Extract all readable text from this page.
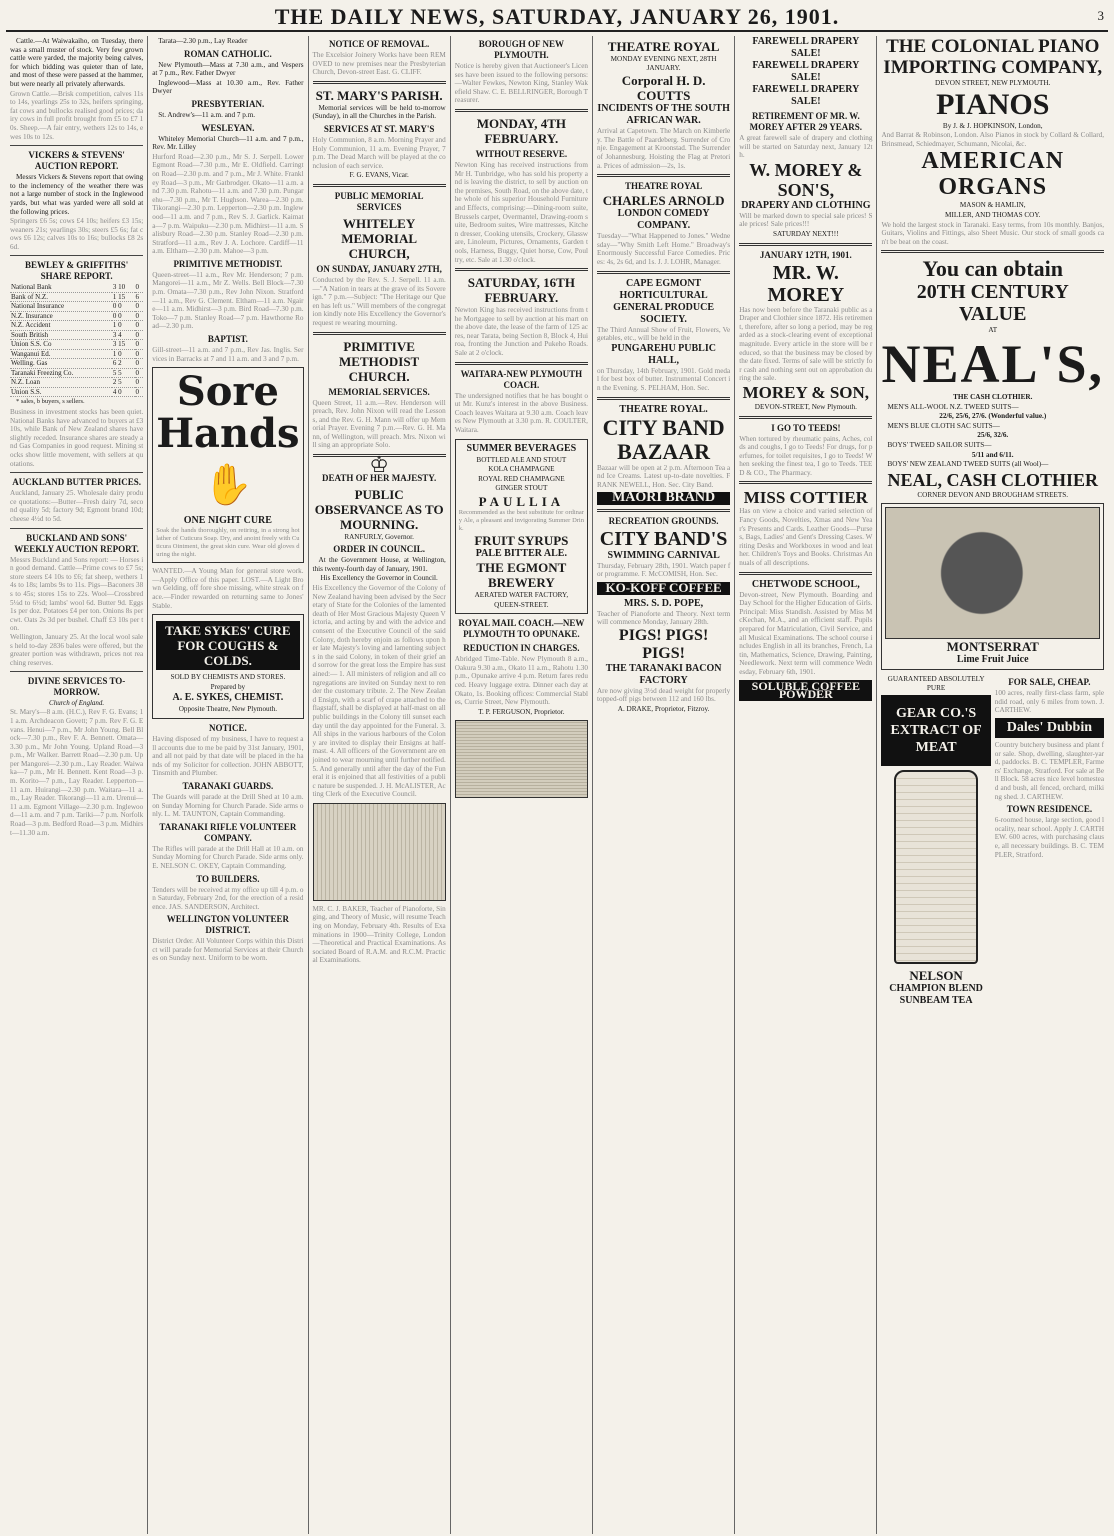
THE DAILY NEWS, SATURDAY, JANUARY 26, 1901.	3
Cattle.—At Waiwakaiho, on Tuesday, there was a small muster of stock. Very few grown cattle were yarded, the majority being calves, for which bidding was quieter than of late, and most of these were passed at the hammer, but were nearly all privately afterwards.
Grown Cattle.—Brisk competition, calves 11s to 14s, yearlings 25s to 32s, heifers springing, fat cows and bullocks realised good prices; dairy cows in full profit brought from £5 to £7 10s. Sheep.—A fair entry, wethers 12s to 14s, ewes 10s to 12s.
VICKERS & STEVENS' AUCTION REPORT.
Messrs Vickers & Stevens report that owing to the inclemency of the weather there was not a large number of stock in the Inglewood yards, but what was yarded were all sold at the following prices.
Springers £6 5s; cows £4 10s; heifers £3 15s; weaners 21s; yearlings 30s; steers £5 6s; fat cows £6 12s; calves 10s to 16s; bullocks £8 2s 6d.
BEWLEY & GRIFFITHS' SHARE REPORT.
National Bank	3 10	0
Bank of N.Z.	1 15	6
National Insurance	0 0	0
N.Z. Insurance	0 0	0
N.Z. Accident	1 0	0
South British	3 4	0
Union S.S. Co	3 15	0
Wanganui Ed.	1 0	0
Welling. Gas	6 2	0
Taranaki Freezing Co.	5 5	0
N.Z. Loan	2 5	0
Union S.S.	4 0	0
* sales, b buyers, s sellers.
Business in investment stocks has been quiet. National Banks have advanced to buyers at £3 10s, while Bank of New Zealand shares have slightly receded. Insurance shares are steady and Gas Companies in good request. Mining stocks show little movement, with sellers at quotations.
AUCKLAND BUTTER PRICES.
Auckland, January 25. Wholesale dairy produce quotations:—Butter—Fresh dairy 7d, second quality 5d; factory 9d; Egmont brand 10d; cheese 4½d to 5d.
BUCKLAND AND SONS' WEEKLY AUCTION REPORT.
Messrs Buckland and Sons report: — Horses in good demand. Cattle—Prime cows to £7 5s; store steers £4 10s to £6; fat sheep, wethers 14s to 18s; lambs 9s to 11s. Pigs—Baconers 38s to 45s; stores 15s to 22s. Wool—Crossbred 5¼d to 6½d; lambs' wool 6d. Butter 9d. Eggs 1s per doz. Potatoes £4 per ton. Onions 8s per cwt. Oats 2s 3d per bushel. Chaff £3 10s per ton.
Wellington, January 25. At the local wool sales held to-day 2836 bales were offered, but the greater portion was withdrawn, prices not reaching reserves.
DIVINE SERVICES TO-MORROW.
Church of England.
St. Mary's—8 a.m. (H.C.), Rev F. G. Evans; 11 a.m. Archdeacon Govett; 7 p.m. Rev F. G. Evans. Henui—7 p.m., Mr John Young. Bell Block—7.30 p.m., Rev F. A. Bennett. Omata—3.30 p.m., Mr John Young. Upland Road—3 p.m., Mr Walker. Barrett Road—2.30 p.m. Upper Mangorei—2.30 p.m., Lay Reader. Waiwaka—7 p.m., Mr H. Bennett. Kent Road—3 p.m. Korito—7 p.m., Lay Reader. Lepperton—11 a.m. Huirangi—2.30 p.m. Waitara—11 a.m., Lay Reader. Tikorangi—11 a.m. Urenui—11 a.m. Egmont Village—2.30 p.m. Inglewood—11 a.m. and 7 p.m. Tariki—7 p.m. Norfolk Road—3 p.m. Bedford Road—3 p.m. Midhirst—11.30 a.m.
Tarata—2.30 p.m., Lay Reader
ROMAN CATHOLIC.
New Plymouth—Mass at 7.30 a.m., and Vespers at 7 p.m., Rev. Father Dwyer
Inglewood—Mass at 10.30 a.m., Rev. Father Dwyer
PRESBYTERIAN.
St. Andrew's—11 a.m. and 7 p.m.
WESLEYAN.
Whiteley Memorial Church—11 a.m. and 7 p.m., Rev. Mr. Lilley
Hurford Road—2.30 p.m., Mr S. J. Serpell. Lower Egmont Road—7.30 p.m., Mr E. Oldfield. Carrington Road—2.30 p.m. and 7 p.m., Mr J. White. Frankley Road—3 p.m., Mr Gatbrodger. Okato—11 a.m. and 7.30 p.m. Rahotu—11 a.m. and 7.30 p.m. Pungarehu—7.30 p.m., Mr T. Hughson. Warea—2.30 p.m. Tikorangi—2.30 p.m. Lepperton—2.30 p.m. Inglewood—11 a.m. and 7 p.m., Rev S. J. Garlick. Kaimata—7 p.m. Waipuku—2.30 p.m. Midhirst—11 a.m. Salisbury Road—2.30 p.m. Stanley Road—2.30 p.m. Stratford—11 a.m., Rev J. A. Lochore. Cardiff—11 a.m. Eltham—2.30 p.m. Mahoe—3 p.m.
PRIMITIVE METHODIST.
Queen-street—11 a.m., Rev Mr. Henderson; 7 p.m. Mangorei—11 a.m., Mr Z. Wells. Bell Block—7.30 p.m. Omata—7.30 p.m., Rev John Nixon. Stratford—11 a.m., Rev G. Clement. Eltham—11 a.m. Ngaire—11 a.m. Midhirst—3 p.m. Bird Road—7.30 p.m. Toko—7 p.m. Stanley Road—7 p.m. Hawthorne Road—2.30 p.m.
BAPTIST.
Gill-street—11 a.m. and 7 p.m., Rev Jas. Inglis. Services in Barracks at 7 and 11 a.m. and 3 and 7 p.m.
Sore Hands
✋
ONE NIGHT CURE
Soak the hands thoroughly, on retiring, in a strong hot lather of Cuticura Soap. Dry, and anoint freely with Cuticura Ointment, the great skin cure. Wear old gloves during the night.
WANTED.—A Young Man for general store work.—Apply Office of this paper. LOST.—A Light Brown Gelding, off fore shoe missing, white streak on face.—Finder rewarded on returning same to Jones' Stable.
TAKE SYKES' CURE FOR COUGHS & COLDS.
SOLD BY CHEMISTS AND STORES.
Prepared by
A. E. SYKES, CHEMIST.
Opposite Theatre, New Plymouth.
NOTICE.
Having disposed of my business, I have to request all accounts due to me be paid by 31st January, 1901, and all not paid by that date will be placed in the hands of my Solicitor for collection. JOHN ABBOTT, Tinsmith and Plumber.
TARANAKI GUARDS.
The Guards will parade at the Drill Shed at 10 a.m. on Sunday Morning for Church Parade. Side arms only. L. M. TAUNTON, Captain Commanding.
TARANAKI RIFLE VOLUNTEER COMPANY.
The Rifles will parade at the Drill Hall at 10 a.m. on Sunday Morning for Church Parade. Side arms only. E. NELSON C. OKEY, Captain Commanding.
TO BUILDERS.
Tenders will be received at my office up till 4 p.m. on Saturday, February 2nd, for the erection of a residence. JAS. SANDERSON, Architect.
WELLINGTON VOLUNTEER DISTRICT.
District Order. All Volunteer Corps within this District will parade for Memorial Services at their Churches on Sunday next. Uniform to be worn.
NOTICE OF REMOVAL.
The Excelsior Joinery Works have been REMOVED to new premises near the Presbyterian Church, Devon-street East. G. CLIFF.
ST. MARY'S PARISH.
Memorial services will be held to-morrow (Sunday), in all the Churches in the Parish.
SERVICES AT ST. MARY'S
Holy Communion, 8 a.m. Morning Prayer and Holy Communion, 11 a.m. Evening Prayer, 7 p.m. The Dead March will be played at the conclusion of each service.
F. G. EVANS, Vicar.
PUBLIC MEMORIAL SERVICES
WHITELEY MEMORIAL CHURCH,
ON SUNDAY, JANUARY 27TH,
Conducted by the Rev. S. J. Serpell. 11 a.m.—"A Nation in tears at the grave of its Sovereign." 7 p.m.—Subject: "The Heritage our Queen has left us." Will members of the congregation kindly note His Excellency the Governor's request re wearing mourning.
PRIMITIVE METHODIST CHURCH.
MEMORIAL SERVICES.
Queen Street, 11 a.m.—Rev. Henderson will preach, Rev. John Nixon will read the Lessons, and the Rev. G. H. Mann will offer up Memorial Prayer. Evening 7 p.m.—Rev. G. H. Mann, of Wellington, will preach. Mrs. Nixon will sing an appropriate Solo.
♔
DEATH OF HER MAJESTY.
PUBLIC OBSERVANCE AS TO MOURNING.
RANFURLY, Governor.
ORDER IN COUNCIL.
At the Government House, at Wellington, this twenty-fourth day of January, 1901.
His Excellency the Governor in Council.
His Excellency the Governor of the Colony of New Zealand having been advised by the Secretary of State for the Colonies of the lamented death of Her Most Gracious Majesty Queen Victoria, and acting by and with the advice and consent of the Executive Council of the said Colony, doth hereby enjoin as follows upon her late Majesty's loving and lamenting subjects in the said Colony, in token of their grief and sorrow for the great loss the Empire has sustained:— 1. All ministers of religion and all congregations are invited on Sunday next to render the customary tribute. 2. The New Zealand Ensign, with a scarf of crape attached to the flagstaff, shall be displayed at half-mast on all public buildings in the Colony till sunset each day until the day appointed for the Funeral. 3. All ships in the various harbours of the Colony are invited to display their Ensigns at half-mast. 4. All officers of the Government are enjoined to wear mourning until further notified. 5. And generally until after the day of the Funeral it is enjoined that all festivities of a public nature be suspended. J. H. McALISTER, Acting Clerk of the Executive Council.
MR. C. J. BAKER, Teacher of Pianoforte, Singing, and Theory of Music, will resume Teaching on Monday, February 4th. Results of Examinations in 1900—Trinity College, London—Theoretical and Practical Examinations. Associated Board of R.A.M. and R.C.M. Practical Examinations.
BOROUGH OF NEW PLYMOUTH.
Notice is hereby given that Auctioneer's Licenses have been issued to the following persons:—Walter Fewkes, Newton King, Stanley Wakefield Shaw. C. E. BELLRINGER, Borough Treasurer.
MONDAY, 4TH FEBRUARY.
WITHOUT RESERVE.
Newton King has received instructions from Mr H. Tunbridge, who has sold his property and is leaving the district, to sell by auction on the premises, South Road, on the above date, the whole of his superior Household Furniture and Effects, comprising:—Dining-room suite, Brussels carpet, Overmantel, Drawing-room suite, Bedroom suites, Wire mattresses, Kitchen dresser, Cooking utensils, Crockery, Glassware, Linoleum, Pictures, Ornaments, Garden tools, Harness, Buggy, Quiet horse, Cow, Poultry, etc. Sale at 1.30 o'clock.
SATURDAY, 16TH FEBRUARY.
Newton King has received instructions from the Mortgagee to sell by auction at his mart on the above date, the lease of the farm of 125 acres, near Tarata, being Section 8, Block 4, Huiroa, fronting the Junction and Pukeho Roads. Sale at 2 o'clock.
WAITARA-NEW PLYMOUTH COACH.
The undersigned notifies that he has bought out Mr. Kunz's interest in the above Business. Coach leaves Waitara at 9.30 a.m. Coach leaves New Plymouth at 3.30 p.m. R. COULTER, Waitara.
SUMMER BEVERAGES
BOTTLED ALE AND STOUT
KOLA CHAMPAGNE
ROYAL RED CHAMPAGNE
GINGER STOUT
PAULLIA
Recommended as the best substitute for ordinary Ale, a pleasant and invigorating Summer Drink.
FRUIT SYRUPS
PALE BITTER ALE.
THE EGMONT BREWERY
AERATED WATER FACTORY,
QUEEN-STREET.
ROYAL MAIL COACH.—NEW PLYMOUTH TO OPUNAKE.
REDUCTION IN CHARGES.
Abridged Time-Table. New Plymouth 8 a.m., Oakura 9.30 a.m., Okato 11 a.m., Rahotu 1.30 p.m., Opunake arrive 4 p.m. Return fares reduced. Heavy luggage extra. Dinner each day at Okato, 1s. Booking offices: Commercial Stables, Currie Street, New Plymouth.
T. P. FERGUSON, Proprietor.
THEATRE ROYAL
MONDAY EVENING NEXT, 28TH JANUARY.
Corporal H. D. COUTTS
INCIDENTS OF THE SOUTH AFRICAN WAR.
Arrival at Capetown. The March on Kimberley. The Battle of Paardeberg. Surrender of Cronje. Engagement at Kroonstad. The Surrender of Johannesburg. Hoisting the Flag at Pretoria. Prices of admission—2s, 1s.
THEATRE ROYAL
CHARLES ARNOLD
LONDON COMEDY COMPANY.
Tuesday—"What Happened to Jones." Wednesday—"Why Smith Left Home." Broadway's Enormously Successful Farce Comedies. Prices: 4s, 2s 6d, and 1s. J. J. LOHR, Manager.
CAPE EGMONT HORTICULTURAL
GENERAL PRODUCE SOCIETY.
The Third Annual Show of Fruit, Flowers, Vegetables, etc., will be held in the
PUNGAREHU PUBLIC HALL,
on Thursday, 14th February, 1901. Gold medal for best box of butter. Instrumental Concert in the Evening. S. PELHAM, Hon. Sec.
THEATRE ROYAL.
CITY BAND
BAZAAR
Bazaar will be open at 2 p.m. Afternoon Tea and Ice Creams. Latest up-to-date novelties. FRANK NEWELL, Hon. Sec. City Band.
MAORI BRAND
RECREATION GROUNDS.
CITY BAND'S
SWIMMING CARNIVAL
Thursday, February 28th, 1901. Watch paper for programme. F. McCOMISH, Hon. Sec.
KO-KOFF COFFEE
MRS. S. D. POPE,
Teacher of Pianoforte and Theory. Next term will commence Monday, January 28th.
PIGS! PIGS! PIGS!
THE TARANAKI BACON FACTORY
Are now giving 3½d dead weight for properly topped-off pigs between 112 and 160 lbs.
A. DRAKE, Proprietor, Fitzroy.
FAREWELL DRAPERY SALE!
FAREWELL DRAPERY SALE!
FAREWELL DRAPERY SALE!
RETIREMENT OF MR. W. MOREY AFTER 29 YEARS.
A great farewell sale of drapery and clothing will be started on Saturday next, January 12th.
W. MOREY & SON'S,
DRAPERY AND CLOTHING
Will be marked down to special sale prices! Sale prices! Sale prices!!!
SATURDAY NEXT!!!
JANUARY 12TH, 1901.
MR. W. MOREY
Has now been before the Taranaki public as a Draper and Clothier since 1872. His retirement, therefore, after so long a period, may be regarded as a stock-clearing event of exceptional magnitude. Every article in the store will be reduced, so that the business may be closed by the date fixed. Terms of sale will be strictly for cash and nothing sent out on approbation during the sale.
MOREY & SON,
DEVON-STREET, New Plymouth.
I GO TO TEEDS!
When tortured by rheumatic pains, Aches, colds and coughs, I go to Teeds! For drugs, for perfumes, for toilet requisites, I go to Teeds! When seeking the finest tea, I go to Teeds. TEED & CO., The Pharmacy.
MISS COTTIER
Has on view a choice and varied selection of Fancy Goods, Novelties, Xmas and New Year's Presents and Cards. Leather Goods—Purses, Bags, Ladies' and Gent's Dressing Cases. Writing Desks and Workboxes in wood and leather. Children's Toys and Books. Christmas Annuals of all descriptions.
CHETWODE SCHOOL,
Devon-street, New Plymouth. Boarding and Day School for the Higher Education of Girls. Principal: Miss Standish. Assisted by Miss McKechan, M.A., and an efficient staff. Pupils prepared for Matriculation, Civil Service, and all Musical Examinations. The school course includes English in all its branches, French, Latin, Mathematics, Science, Drawing, Painting, Needlework. Next term will commence Wednesday, February 6th, 1901.
SOLUBLE COFFEE POWDER
THE COLONIAL PIANO IMPORTING COMPANY,
DEVON STREET, NEW PLYMOUTH.
PIANOS
By J. & J. HOPKINSON, London,
And Barrat & Robinson, London. Also Pianos in stock by Collard & Collard, Brinsmead, Schiedmayer, Schumann, Nicolai, &c.
AMERICAN ORGANS
MASON & HAMLIN,
MILLER, AND THOMAS COY.
We hold the largest stock in Taranaki. Easy terms, from 10s monthly. Banjos, Guitars, Violins and Fittings, also Sheet Music. Our stock of small goods can't be beat on the coast.
You can obtain
20TH CENTURY VALUE
AT
NEAL'S,
THE CASH CLOTHIER.
MEN'S ALL-WOOL N.Z. TWEED SUITS—
22/6, 25/6, 27/6. (Wonderful value.)
MEN'S BLUE CLOTH SAC SUITS—
25/6, 32/6.
BOYS' TWEED SAILOR SUITS—
5/11 and 6/11.
BOYS' NEW ZEALAND TWEED SUITS (all Wool)—
NEAL, CASH CLOTHIER
CORNER DEVON AND BROUGHAM STREETS.
MONTSERRAT
Lime Fruit Juice
GUARANTEED ABSOLUTELY PURE
GEAR CO.'S EXTRACT OF MEAT
NELSON
CHAMPION BLEND
SUNBEAM TEA
FOR SALE, CHEAP.
100 acres, really first-class farm, splendid road, only 6 miles from town. J. CARTHEW.
Dales' Dubbin
Country butchery business and plant for sale. Shop, dwelling, slaughter-yard, paddocks. B. C. TEMPLER, Farmers' Exchange, Stratford. For sale at Bell Block. 58 acres nice level homestead and bush, all fenced, orchard, milking shed. J. CARTHEW.
TOWN RESIDENCE.
6-roomed house, large section, good locality, near school. Apply J. CARTHEW. 600 acres, with purchasing clause, all necessary buildings. B. C. TEMPLER, Stratford.
